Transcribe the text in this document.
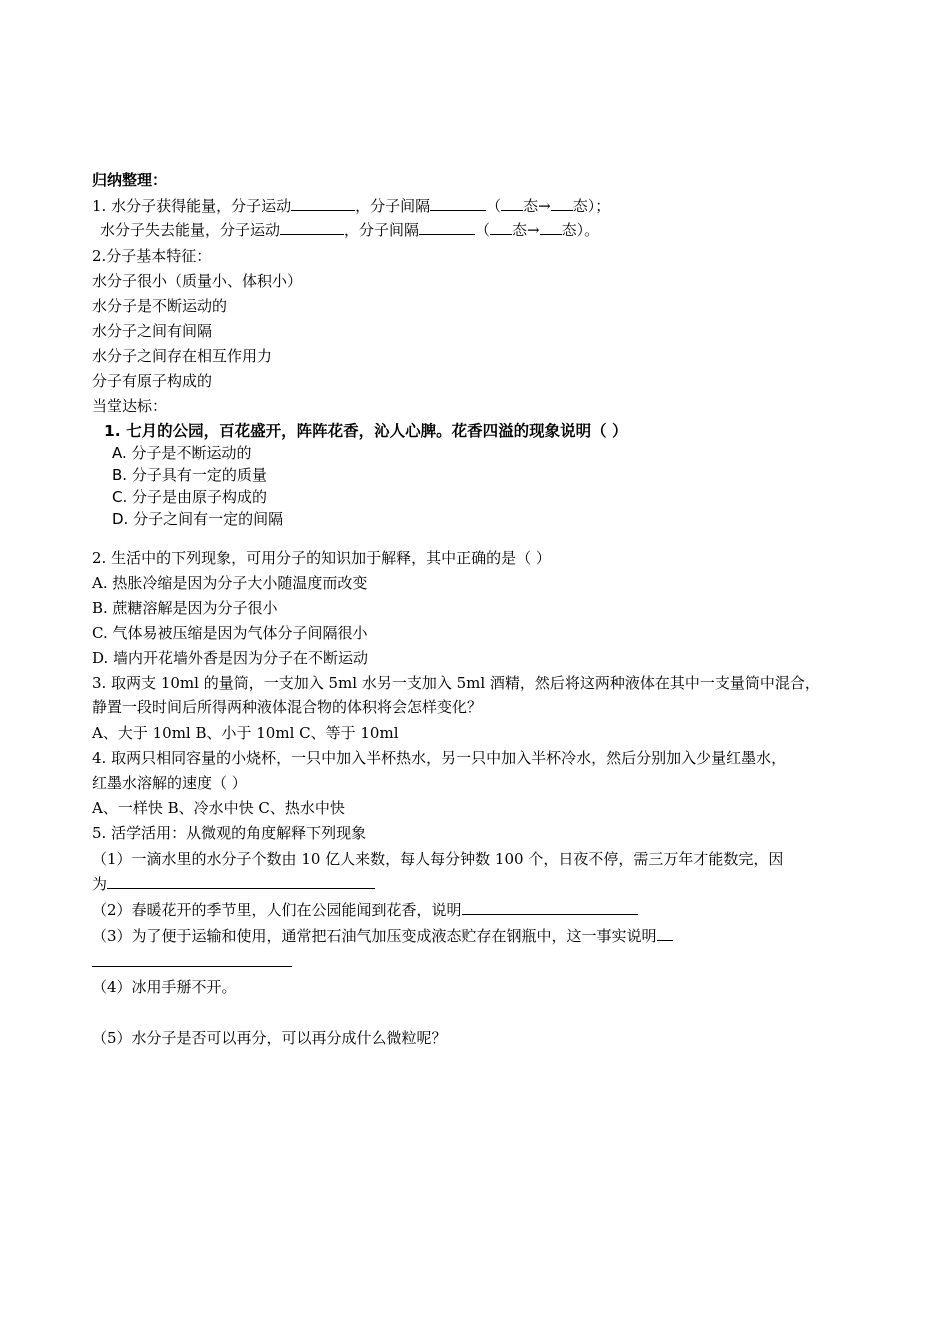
归纳整理：
1. 水分子获得能量，分子运动	，分子间隔	（ 态→ 态）；
水分子失去能量，分子运动	，分子间隔	（ 态→ 态）。
2.分子基本特征：
水分子很小（质量小、体积小）
水分子是不断运动的
水分子之间有间隔
水分子之间存在相互作用力
分子有原子构成的
当堂达标：
1. 七月的公园，百花盛开，阵阵花香，沁人心脾。花香四溢的现象说明（ ）
A. 分子是不断运动的
B. 分子具有一定的质量
C. 分子是由原子构成的
D. 分子之间有一定的间隔
2. 生活中的下列现象，可用分子的知识加于解释，其中正确的是（ ）
A. 热胀冷缩是因为分子大小随温度而改变
B. 蔗糖溶解是因为分子很小
C. 气体易被压缩是因为气体分子间隔很小
D. 墙内开花墙外香是因为分子在不断运动
3. 取两支 10ml 的量筒，一支加入 5ml 水另一支加入 5ml 酒精，然后将这两种液体在其中一支量筒中混合，
静置一段时间后所得两种液体混合物的体积将会怎样变化？
A、大于 10ml B、小于 10ml C、等于 10ml
4. 取两只相同容量的小烧杯，一只中加入半杯热水，另一只中加入半杯冷水，然后分别加入少量红墨水，
红墨水溶解的速度（ ）
A、一样快 B、冷水中快 C、热水中快
5. 活学活用：从微观的角度解释下列现象
（1）一滴水里的水分子个数由 10 亿人来数，每人每分钟数 100 个，日夜不停，需三万年才能数完，因
为
（2）春暖花开的季节里，人们在公园能闻到花香，说明
（3）为了便于运输和使用，通常把石油气加压变成液态贮存在钢瓶中，这一事实说明
（4）冰用手掰不开。
（5）水分子是否可以再分，可以再分成什么微粒呢？
